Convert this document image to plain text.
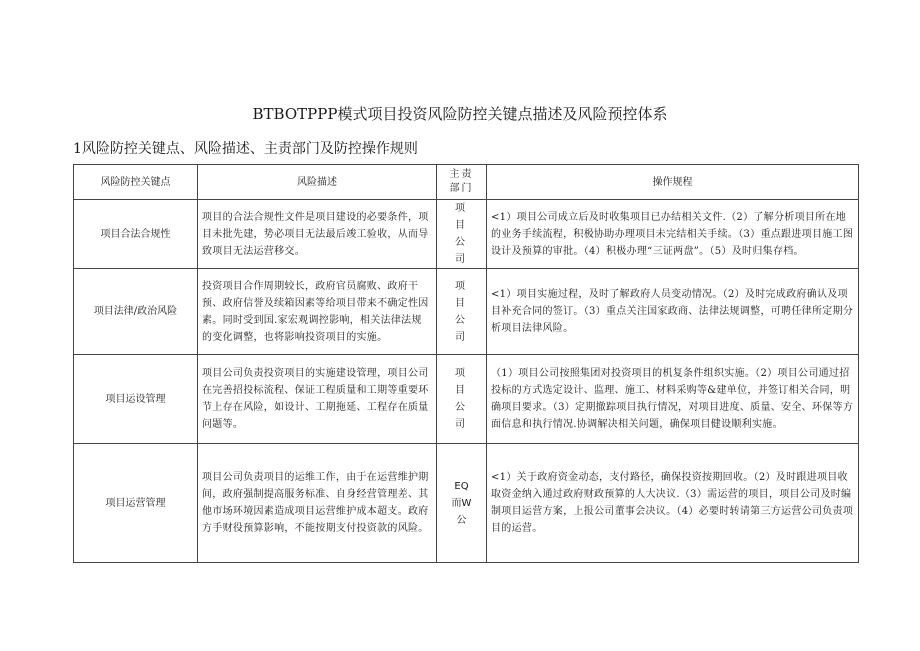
BTBOTPPP模式项目投资风险防控关键点描述及风险预控体系
1风险防控关键点、风险描述、主责部门及防控操作规则
风险防控关键点	风险描述	主责部门	操作规程
项目合法合规性	项目的合法合规性文件是项目建设的必要条件，项目未批先建，势必项目无法最后竣工验收，从而导致项目无法运营移交。	项目公司	<1）项目公司成立后及时收集项目已办结相关文件.（2）了解分析项目所在地的业务手续流程，积极协助办理项目未完结相关手续。（3）重点跟进项目施工图设计及预算的审批。（4）积极办理“三证两盘”。（5）及时归集存档。
项目法律/政治风险	投资项目合作周期较长，政府官员腐败、政府干预、政府信誉及续箱因素等给项目带来不确定性因素。同时受到国.家宏观调控影响，相关法律法规的变化调整，也将影响投资项目的实施。	项目公司	<1）项目实施过程，及时了解政府人员变动情况。（2）及时完成政府确认及项目补充合同的签订。（3）重点关注国家政商、法律法规调整，可聘任律所定期分析项目法律风险。
项目运设管理	项目公司负责投资项目的实施建设管理，项目公司在完善招投标流程、保证工程质量和工期等重要环节上存在风险，如设计、工期拖延、工程存在质量问题等。	项目公司	（1）项目公司按照集团对投资项目的机复条件组织实施。（2）项目公司通过招投标的方式选定设计、监理、施工、材料采购等&建单位，并签订相关合同，明确项目要求。（3）定期撤踪项目执行情况，对项目进度、质量、安全、环保等方面信息和执行情况.协调解决相关问题，确保项目健设顺利实施。
项目运营管理	项目公司负责项目的运维工作，由于在运营维护期间，政府强制提高服务标准、自身经营管理差、其他市场环境因素造成项目运营维护成本超支。政府方手财役预算影响，不能按期支付投资款的风险。	EQ而W公	<1）关于政府资金动态，支付路径，确保投资按期回收。（2）及时跟进项目收取资金纳入通过政府财政预算的人大决议.（3）需运营的项目，项目公司及时编制项目运营方案，上报公司董事会决议。（4）必要时转请第三方运营公司负责项目的运营。
